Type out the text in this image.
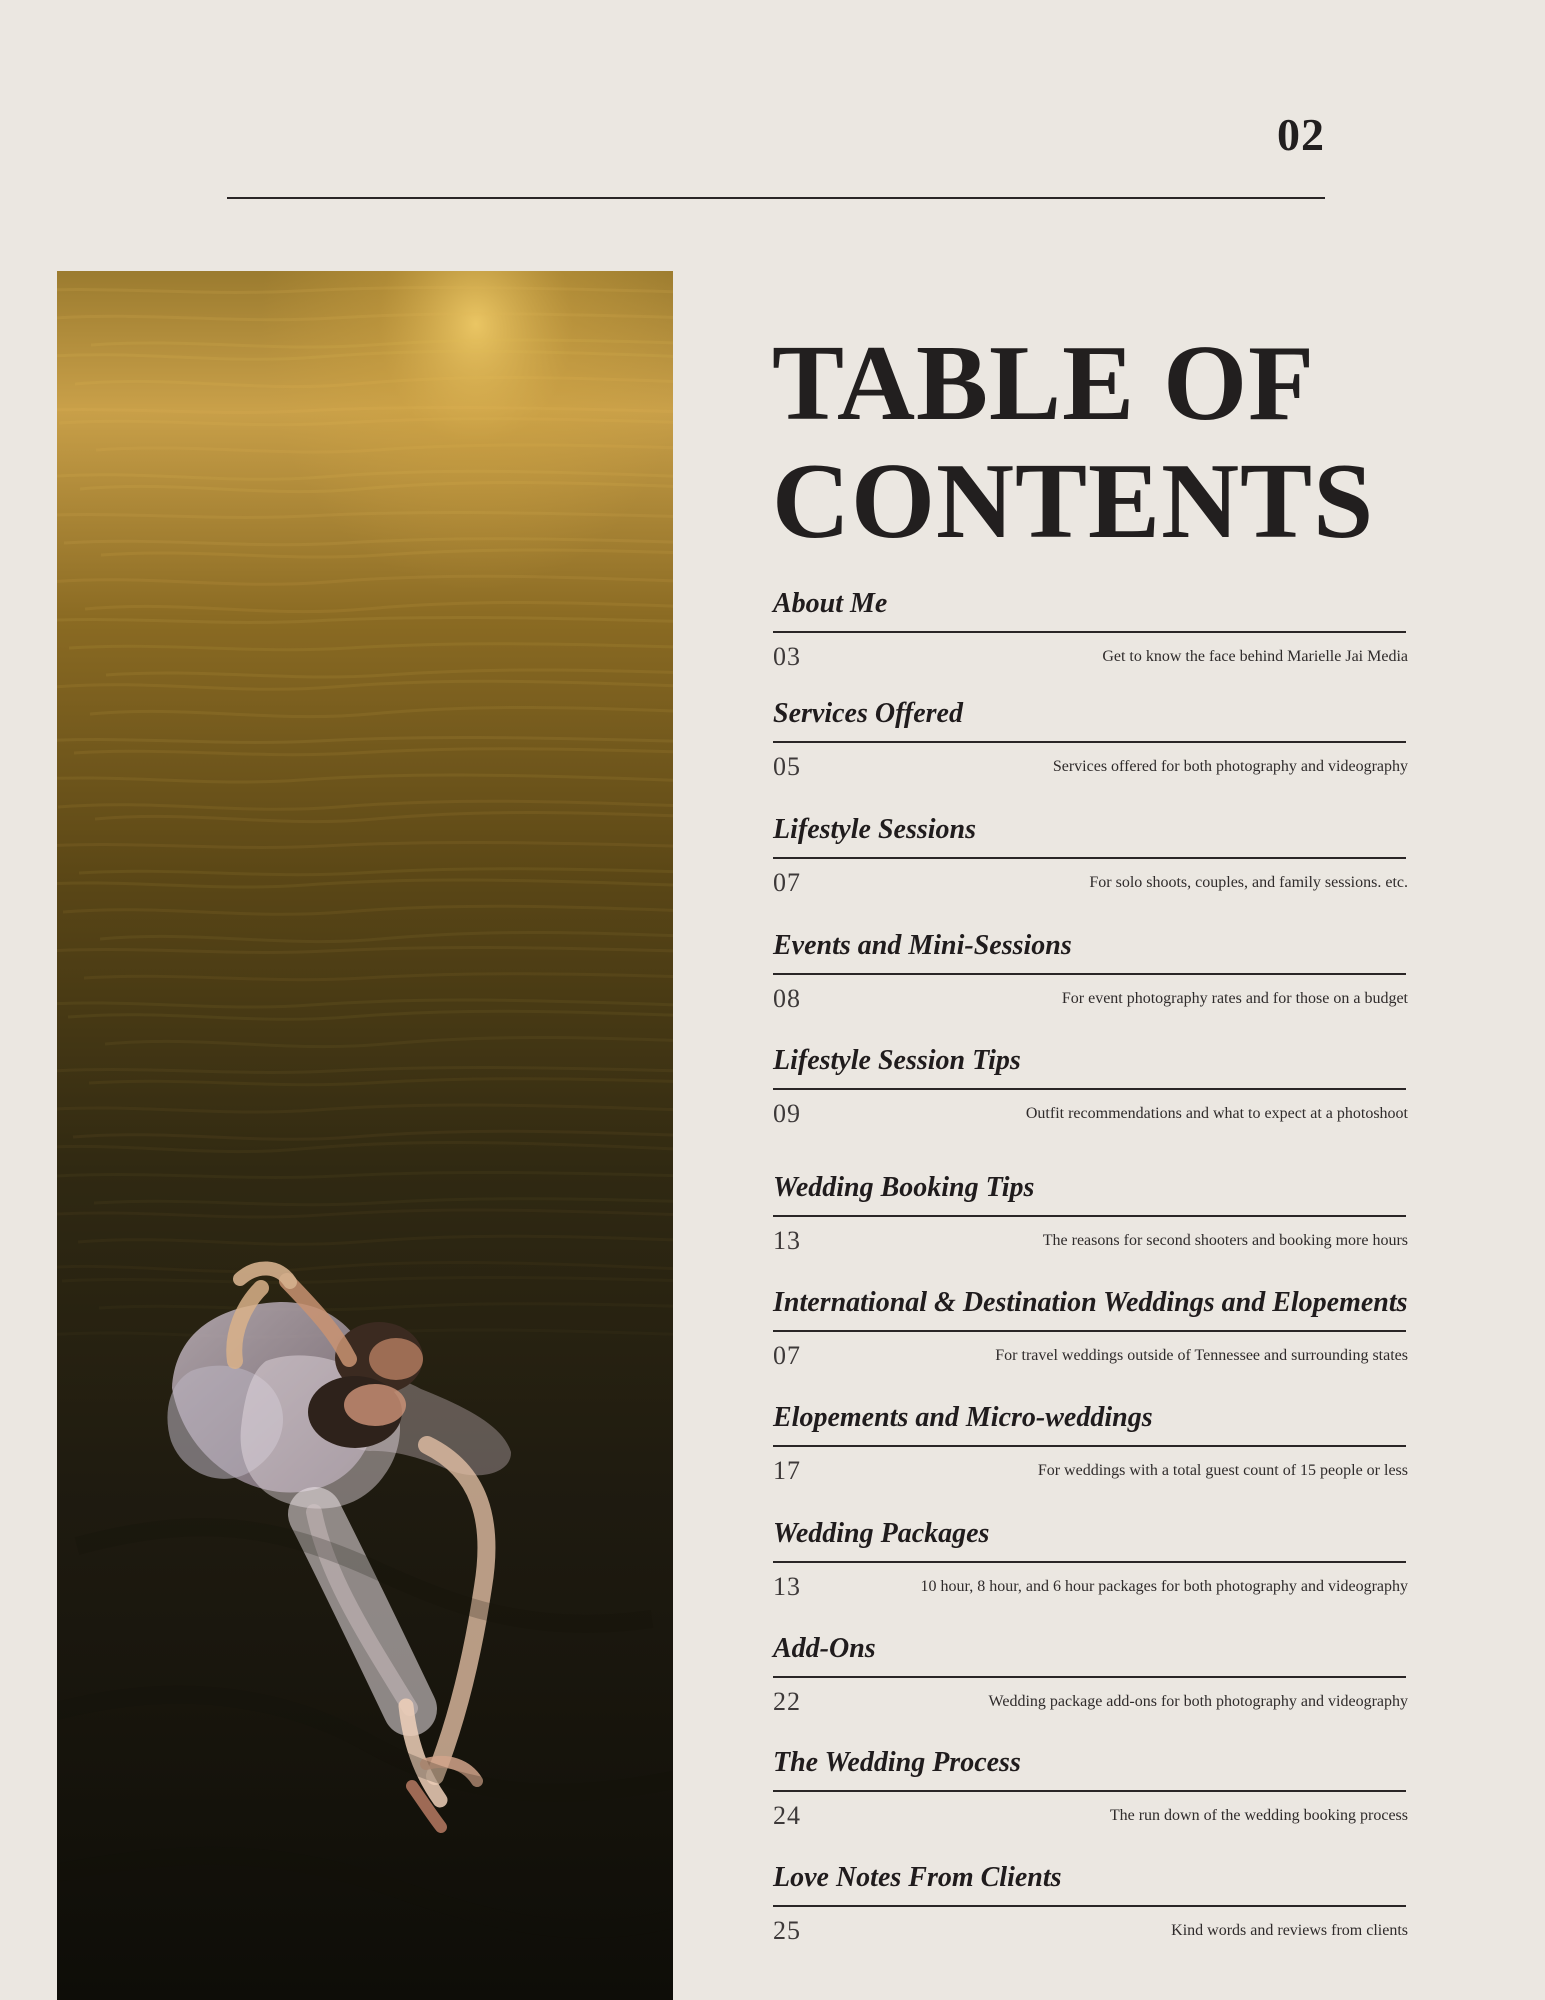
02
TABLE OF
CONTENTS
About Me
03	Get to know the face behind Marielle Jai Media
Services Offered
05	Services offered for both photography and videography
Lifestyle Sessions
07	For solo shoots, couples, and family sessions. etc.
Events and Mini-Sessions
08	For event photography rates and for those on a budget
Lifestyle Session Tips
09	Outfit recommendations and what to expect at a photoshoot
Wedding Booking Tips
13	The reasons for second shooters and booking more hours
International & Destination Weddings and Elopements
07	For travel weddings outside of Tennessee and surrounding states
Elopements and Micro-weddings
17	For weddings with a total guest count of 15 people or less
Wedding Packages
13	10 hour, 8 hour, and 6 hour packages for both photography and videography
Add-Ons
22	Wedding package add-ons for both photography and videography
The Wedding Process
24	The run down of the wedding booking process
Love Notes From Clients
25	Kind words and reviews from clients
